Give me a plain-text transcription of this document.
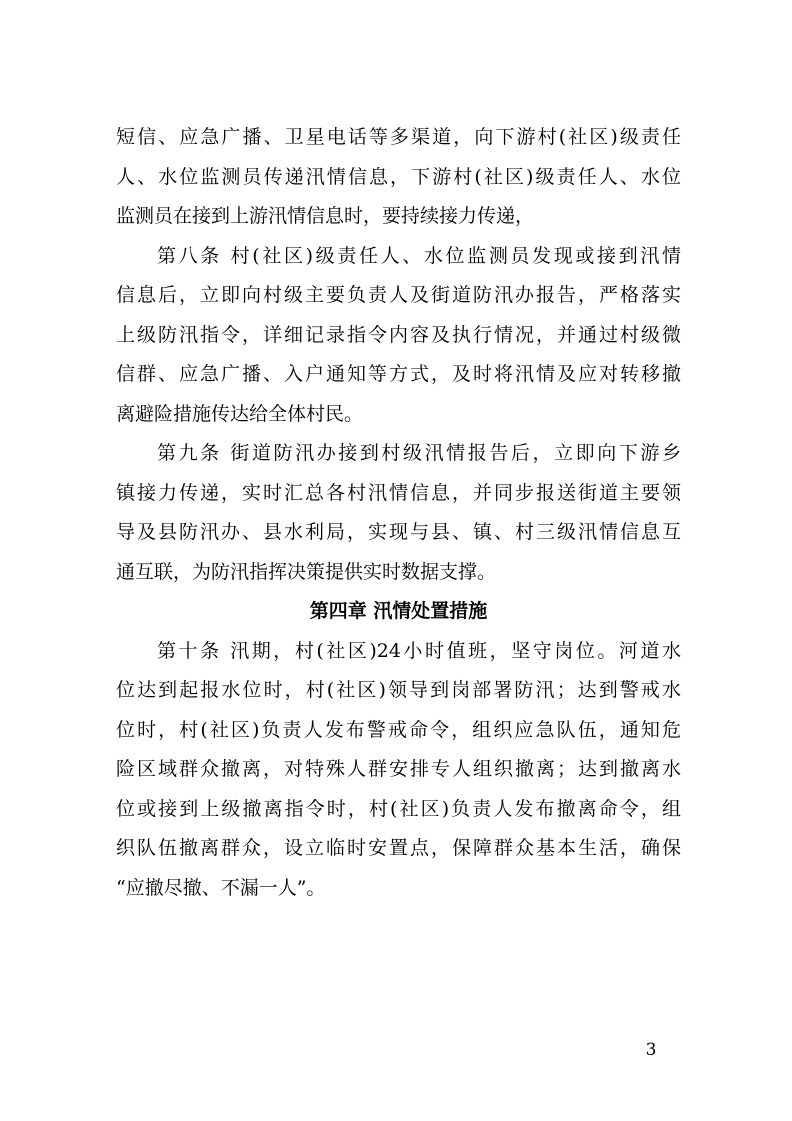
短信、应急广播、卫星电话等多渠道，向下游村(社区)级责任
人、水位监测员传递汛情信息，下游村(社区)级责任人、水位
监测员在接到上游汛情信息时，要持续接力传递，
第八条 村(社区)级责任人、水位监测员发现或接到汛情
信息后，立即向村级主要负责人及街道防汛办报告，严格落实
上级防汛指令，详细记录指令内容及执行情况，并通过村级微
信群、应急广播、入户通知等方式，及时将汛情及应对转移撤
离避险措施传达给全体村民。
第九条 街道防汛办接到村级汛情报告后，立即向下游乡
镇接力传递，实时汇总各村汛情信息，并同步报送街道主要领
导及县防汛办、县水利局，实现与县、镇、村三级汛情信息互
通互联，为防汛指挥决策提供实时数据支撑。
第四章 汛情处置措施
第十条 汛期，村(社区)24小时值班，坚守岗位。河道水
位达到起报水位时，村(社区)领导到岗部署防汛；达到警戒水
位时，村(社区)负责人发布警戒命令，组织应急队伍，通知危
险区域群众撤离，对特殊人群安排专人组织撤离；达到撤离水
位或接到上级撤离指令时，村(社区)负责人发布撤离命令，组
织队伍撤离群众，设立临时安置点，保障群众基本生活，确保
“应撤尽撤、不漏一人”。
3
